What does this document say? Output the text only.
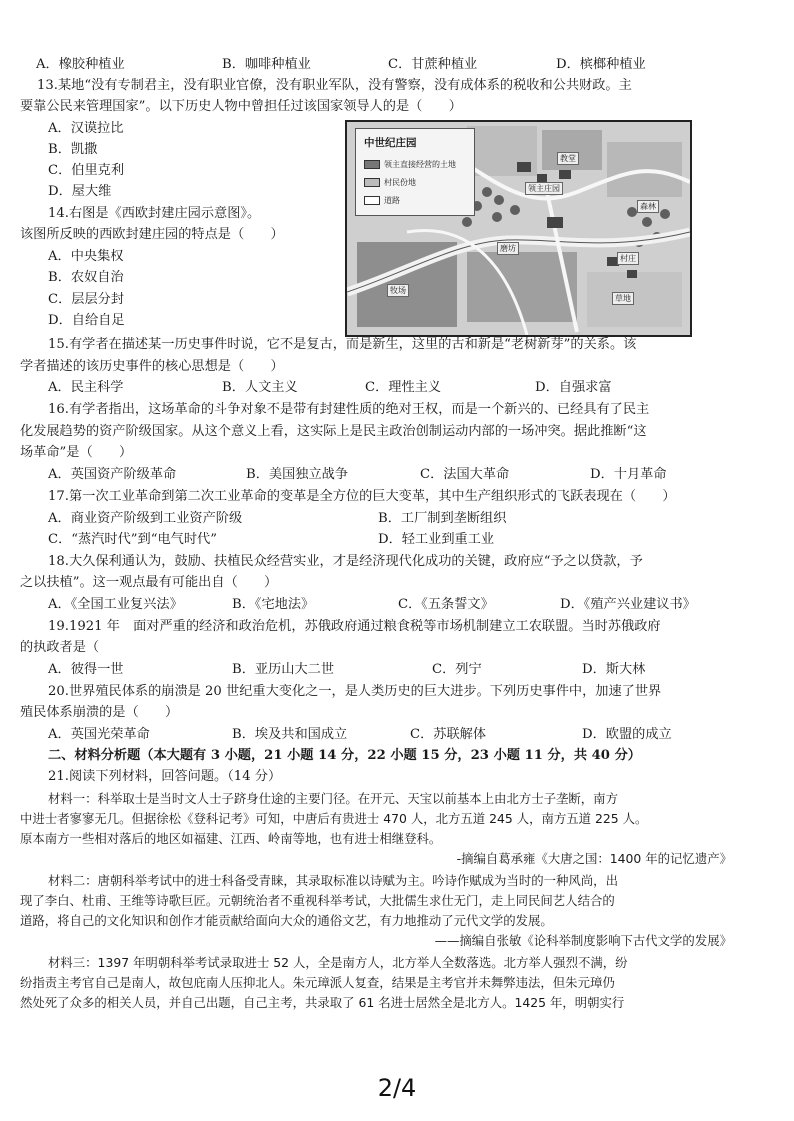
A．橡胶种植业	B．咖啡种植业	C．甘蔗种植业	D．槟榔种植业
13.某地“没有专制君主，没有职业官僚，没有职业军队，没有警察，没有成体系的税收和公共财政。主
要靠公民来管理国家”。以下历史人物中曾担任过该国家领导人的是（　　）
A．汉谟拉比
B．凯撒
C．伯里克利
D．屋大维
14.右图是《西欧封建庄园示意图》。
该图所反映的西欧封建庄园的特点是（　　）
A．中央集权
B．农奴自治
C．层层分封
D．自给自足
中世纪庄园
领主直接经营的土地
村民份地
道路
磨坊
领主庄园
教堂
村庄
牧场
草地
森林
15.有学者在描述某一历史事件时说，它不是复古，而是新生，这里的古和新是“老树新芽”的关系。该
学者描述的该历史事件的核心思想是（　　）
A．民主科学	B．人文主义	C．理性主义	D．自强求富
16.有学者指出，这场革命的斗争对象不是带有封建性质的绝对王权，而是一个新兴的、已经具有了民主
化发展趋势的资产阶级国家。从这个意义上看，这实际上是民主政治创制运动内部的一场冲突。据此推断“这
场革命”是（　　）
A．英国资产阶级革命	B．美国独立战争	C．法国大革命	D．十月革命
17.第一次工业革命到第二次工业革命的变革是全方位的巨大变革，其中生产组织形式的飞跃表现在（　　）
A．商业资产阶级到工业资产阶级	B．工厂制到垄断组织
C．“蒸汽时代”到“电气时代”	D．轻工业到重工业
18.大久保利通认为，鼓励、扶植民众经营实业，才是经济现代化成功的关键，政府应“予之以贷款，予
之以扶植”。这一观点最有可能出自（　　）
A．《全国工业复兴法》	B．《宅地法》	C．《五条誓文》	D．《殖产兴业建议书》
19.1921 年　面对严重的经济和政治危机，苏俄政府通过粮食税等市场机制建立工农联盟。当时苏俄政府
的执政者是（
A．彼得一世	B．亚历山大二世	C．列宁	D．斯大林
20.世界殖民体系的崩溃是 20 世纪重大变化之一，是人类历史的巨大进步。下列历史事件中，加速了世界
殖民体系崩溃的是（　　）
A．英国光荣革命	B．埃及共和国成立	C．苏联解体	D．欧盟的成立
二、材料分析题（本大题有 3 小题，21 小题 14 分，22 小题 15 分，23 小题 11 分，共 40 分）
21.阅读下列材料，回答问题。（14 分）
材料一：科举取士是当时文人士子跻身仕途的主要门径。在开元、天宝以前基本上由北方士子垄断，南方
中进士者寥寥无几。但据徐松《登科记考》可知，中唐后有贵进士 470 人，北方五道 245 人，南方五道 225 人。
原本南方一些相对落后的地区如福建、江西、岭南等地，也有进士相继登科。
-摘编自葛承雍《大唐之国：1400 年的记忆遗产》
材料二：唐朝科举考试中的进士科备受青睐，其录取标准以诗赋为主。吟诗作赋成为当时的一种风尚，出
现了李白、杜甫、王维等诗歌巨匠。元朝统治者不重视科举考试，大批儒生求仕无门，走上同民间艺人结合的
道路，将自己的文化知识和创作才能贡献给面向大众的通俗文艺，有力地推动了元代文学的发展。
——摘编自张敏《论科举制度影响下古代文学的发展》
材料三：1397 年明朝科举考试录取进士 52 人，全是南方人，北方举人全数落选。北方举人强烈不满，纷
纷指责主考官自己是南人，故包庇南人压抑北人。朱元璋派人复查，结果是主考官并未舞弊违法，但朱元璋仍
然处死了众多的相关人员，并自己出题，自己主考，共录取了 61 名进士居然全是北方人。1425 年，明朝实行
2/4
